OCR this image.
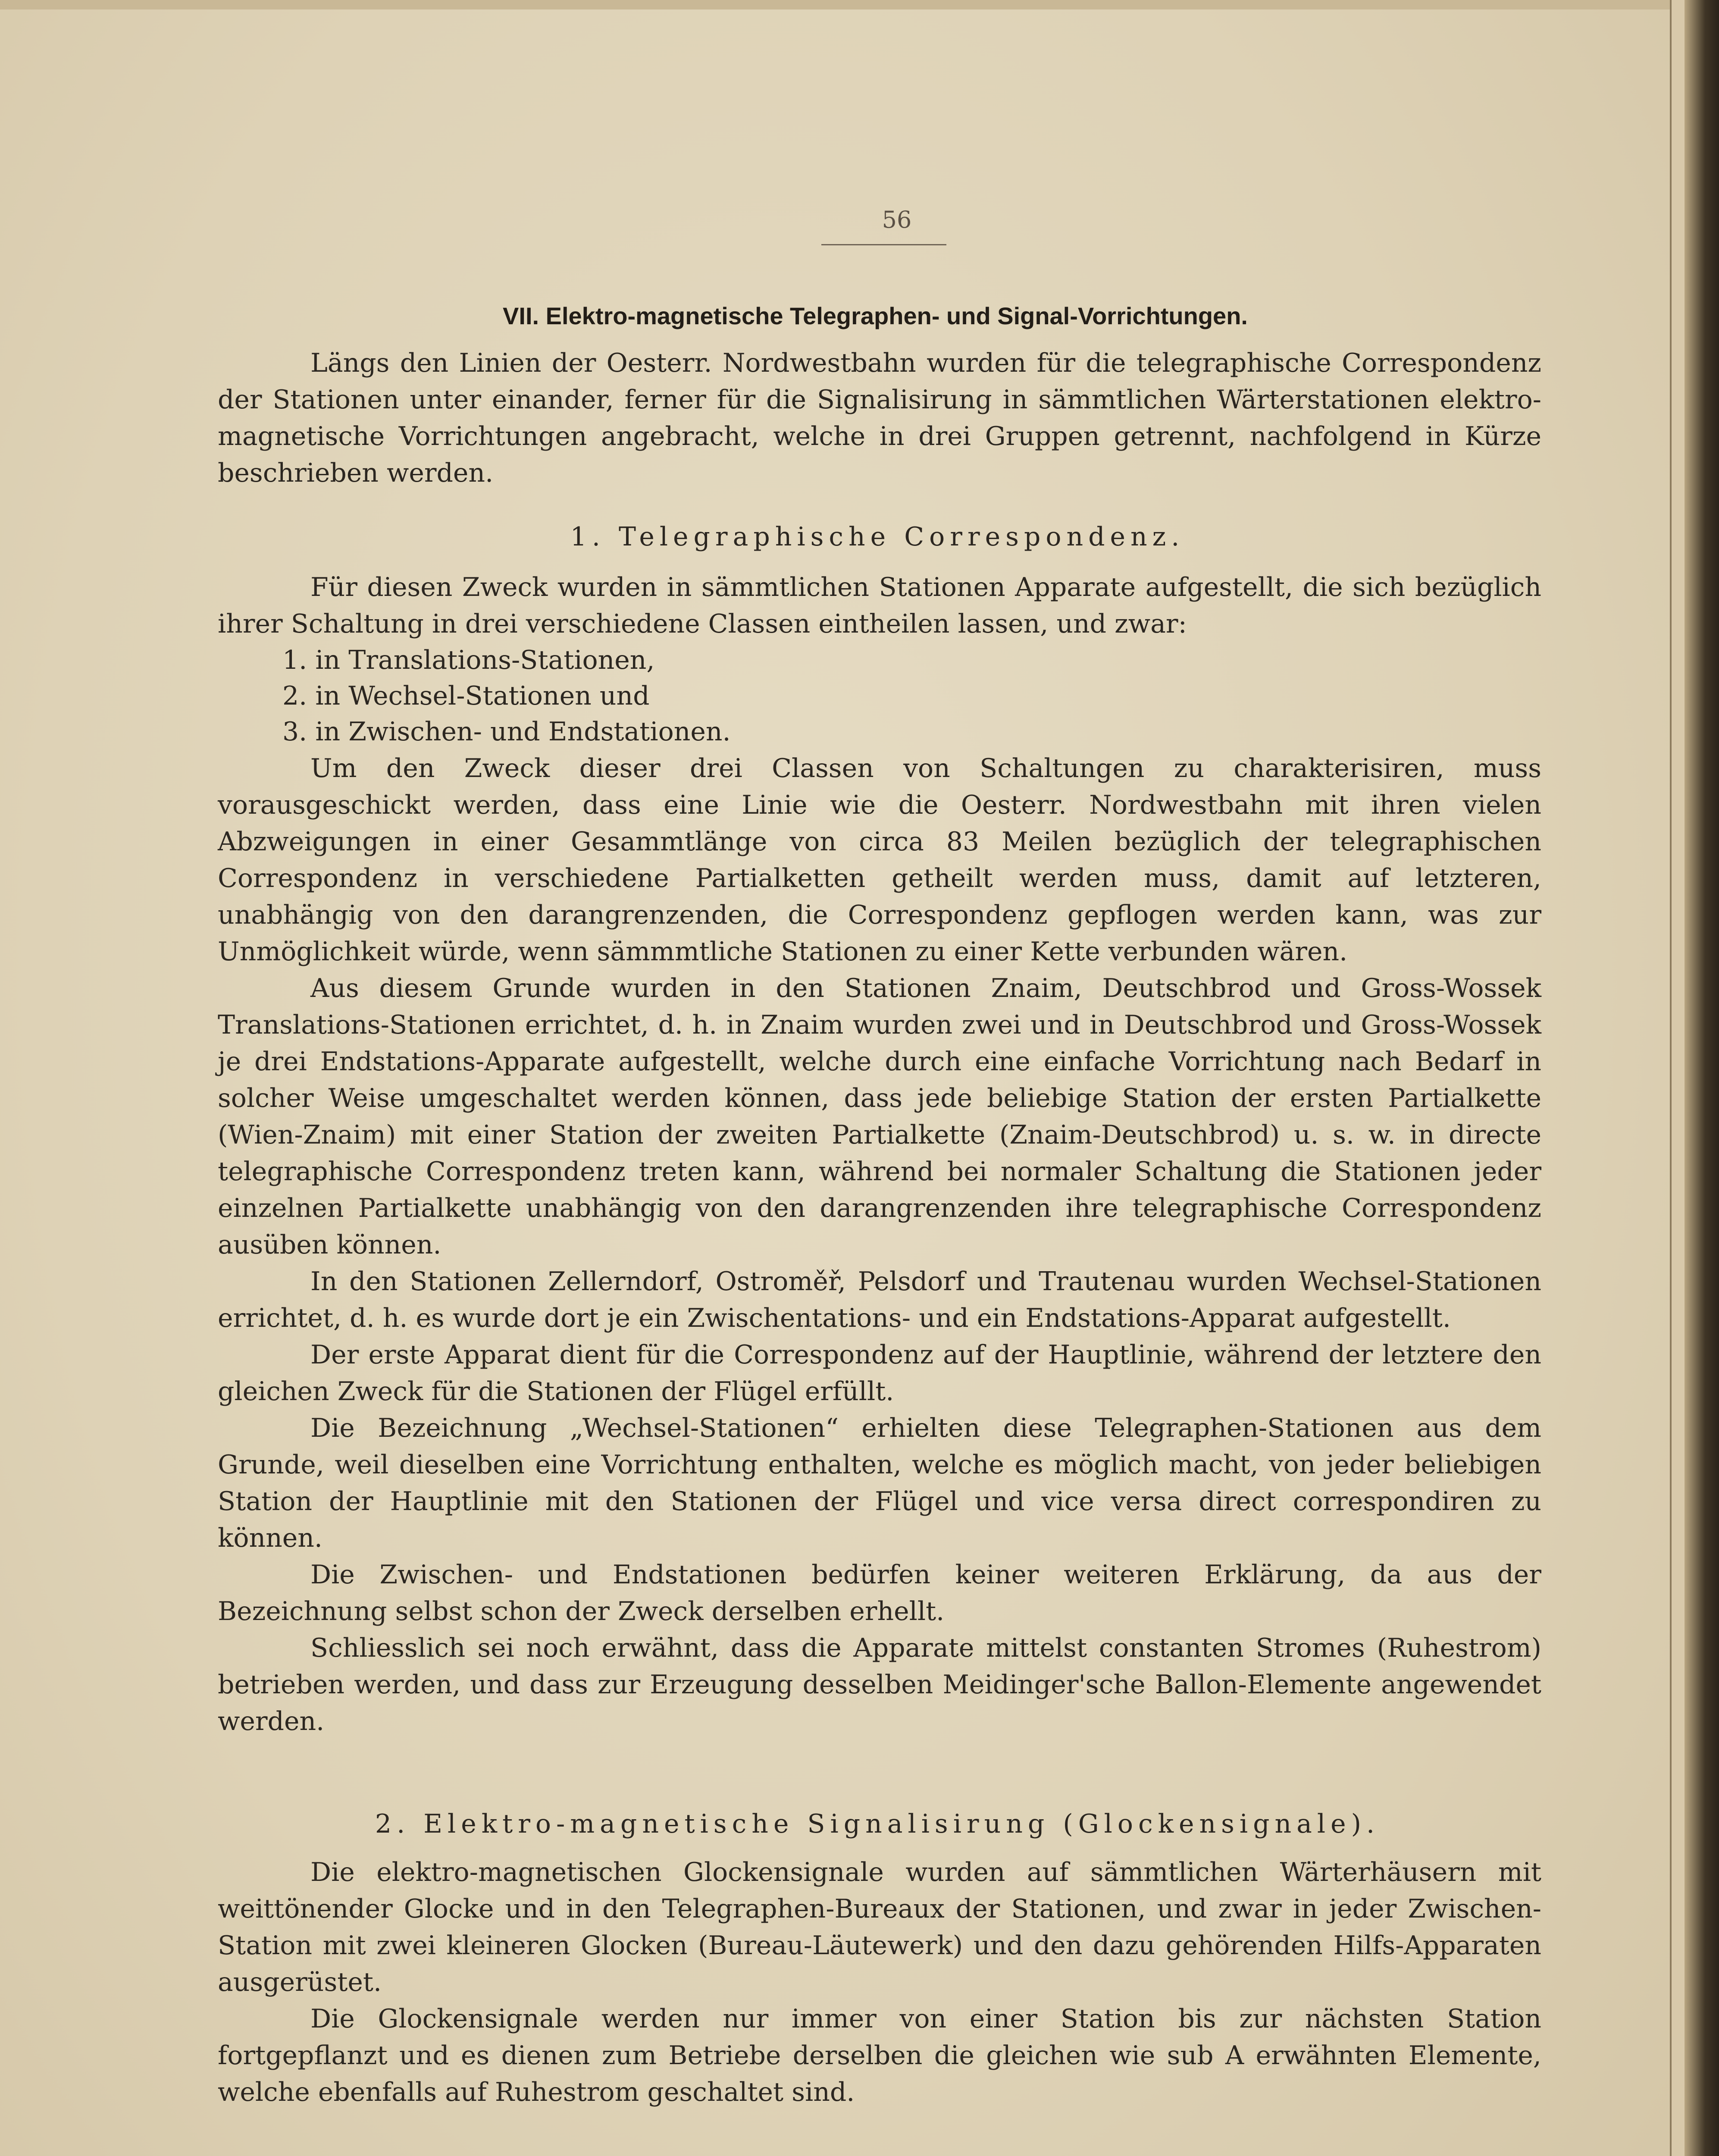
56
VII. Elektro-magnetische Telegraphen- und Signal-Vorrichtungen.

Längs den Linien der Oesterr. Nordwestbahn wurden für die telegraphische Correspondenz der Stationen unter einander, ferner für die Signalisirung in sämmtlichen Wärterstationen elektro-magnetische Vorrichtungen angebracht, welche in drei Gruppen getrennt, nachfolgend in Kürze beschrieben werden.

1. Telegraphische Correspondenz.

Für diesen Zweck wurden in sämmtlichen Stationen Apparate aufgestellt, die sich bezüglich ihrer Schaltung in drei verschiedene Classen eintheilen lassen, und zwar:

1. in Translations-Stationen,
2. in Wechsel-Stationen und
3. in Zwischen- und Endstationen.

Um den Zweck dieser drei Classen von Schaltungen zu charakterisiren, muss vorausgeschickt werden, dass eine Linie wie die Oesterr. Nordwestbahn mit ihren vielen Abzweigungen in einer Gesammtlänge von circa 83 Meilen bezüglich der telegraphischen Correspondenz in verschiedene Partialketten getheilt werden muss, damit auf letzteren, unabhängig von den darangrenzenden, die Correspondenz gepflogen werden kann, was zur Unmöglichkeit würde, wenn sämmmtliche Stationen zu einer Kette verbunden wären.

Aus diesem Grunde wurden in den Stationen Znaim, Deutschbrod und Gross-Wossek Translations-Stationen errichtet, d. h. in Znaim wurden zwei und in Deutschbrod und Gross-Wossek je drei Endstations-Apparate aufgestellt, welche durch eine einfache Vorrichtung nach Bedarf in solcher Weise umgeschaltet werden können, dass jede beliebige Station der ersten Partialkette (Wien-Znaim) mit einer Station der zweiten Partialkette (Znaim-Deutschbrod) u. s. w. in directe telegraphische Correspondenz treten kann, während bei normaler Schaltung die Stationen jeder einzelnen Partialkette unabhängig von den darangrenzenden ihre telegraphische Correspondenz ausüben können.

In den Stationen Zellerndorf, Ostroměř, Pelsdorf und Trautenau wurden Wechsel-Stationen errichtet, d. h. es wurde dort je ein Zwischentations- und ein Endstations-Apparat aufgestellt.

Der erste Apparat dient für die Correspondenz auf der Hauptlinie, während der letztere den gleichen Zweck für die Stationen der Flügel erfüllt.

Die Bezeichnung „Wechsel-Stationen“ erhielten diese Telegraphen-Stationen aus dem Grunde, weil dieselben eine Vorrichtung enthalten, welche es möglich macht, von jeder beliebigen Station der Hauptlinie mit den Stationen der Flügel und vice versa direct correspondiren zu können.

Die Zwischen- und Endstationen bedürfen keiner weiteren Erklärung, da aus der Bezeichnung selbst schon der Zweck derselben erhellt.

Schliesslich sei noch erwähnt, dass die Apparate mittelst constanten Stromes (Ruhestrom) betrieben werden, und dass zur Erzeugung desselben Meidinger'sche Ballon-Elemente angewendet werden.

2. Elektro-magnetische Signalisirung (Glockensignale).

Die elektro-magnetischen Glockensignale wurden auf sämmtlichen Wärterhäusern mit weittönender Glocke und in den Telegraphen-Bureaux der Stationen, und zwar in jeder Zwischen-Station mit zwei kleineren Glocken (Bureau-Läutewerk) und den dazu gehörenden Hilfs-Apparaten ausgerüstet.

Die Glockensignale werden nur immer von einer Station bis zur nächsten Station fortgepflanzt und es dienen zum Betriebe derselben die gleichen wie sub A erwähnten Elemente, welche ebenfalls auf Ruhestrom geschaltet sind.
